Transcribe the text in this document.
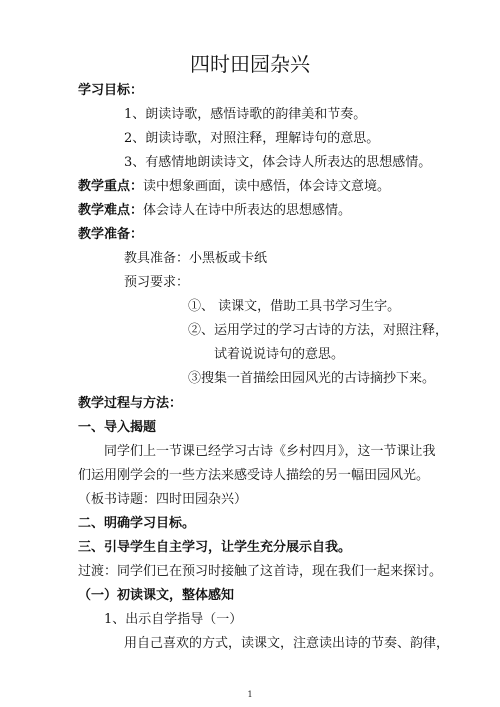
四时田园杂兴
学习目标：
1、朗读诗歌，感悟诗歌的韵律美和节奏。
2、朗读诗歌，对照注释，理解诗句的意思。
3、有感情地朗读诗文，体会诗人所表达的思想感情。
教学重点：读中想象画面，读中感悟，体会诗文意境。
教学难点：体会诗人在诗中所表达的思想感情。
教学准备：
教具准备：小黑板或卡纸
预习要求：
①、 读课文，借助工具书学习生字。
②、运用学过的学习古诗的方法，对照注释，
试着说说诗句的意思。
③搜集一首描绘田园风光的古诗摘抄下来。
教学过程与方法：
一、导入揭题
同学们上一节课已经学习古诗《乡村四月》，这一节课让我
们运用刚学会的一些方法来感受诗人描绘的另一幅田园风光。
（板书诗题：四时田园杂兴）
二、明确学习目标。
三、引导学生自主学习，让学生充分展示自我。
过渡：同学们已在预习时接触了这首诗，现在我们一起来探讨。
（一）初读课文，整体感知
1、出示自学指导（一）
用自己喜欢的方式，读课文，注意读出诗的节奏、韵律，
1
